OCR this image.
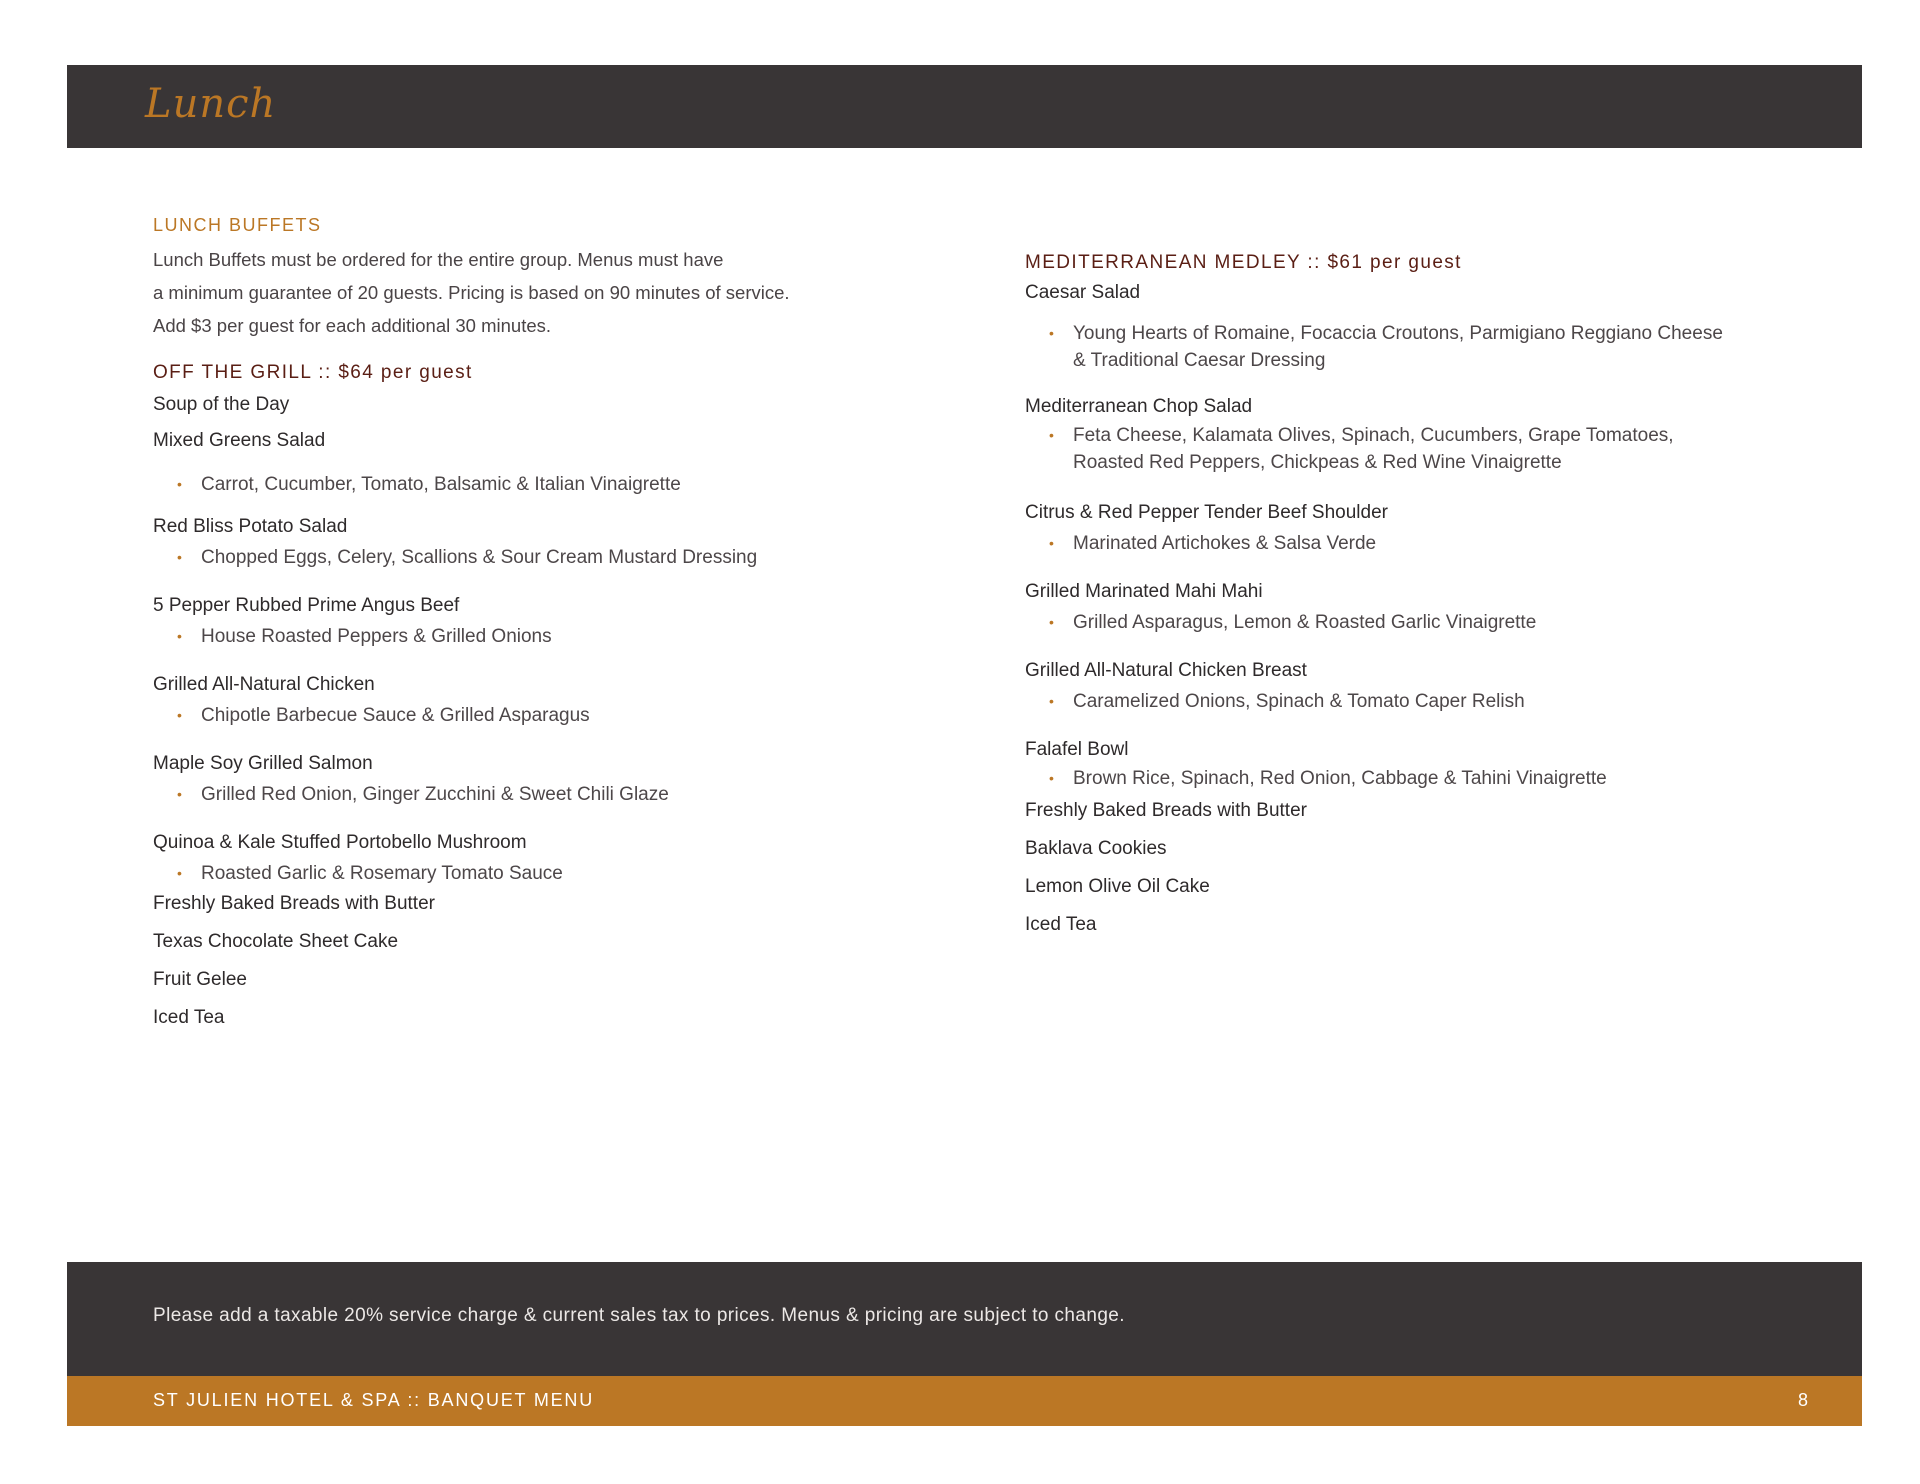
Lunch
LUNCH BUFFETS
Lunch Buffets must be ordered for the entire group. Menus must have
a minimum guarantee of 20 guests. Pricing is based on 90 minutes of service.
Add $3 per guest for each additional 30 minutes.
OFF THE GRILL :: $64 per guest
Soup of the Day
Mixed Greens Salad
• Carrot, Cucumber, Tomato, Balsamic & Italian Vinaigrette
Red Bliss Potato Salad
• Chopped Eggs, Celery, Scallions & Sour Cream Mustard Dressing
5 Pepper Rubbed Prime Angus Beef
• House Roasted Peppers & Grilled Onions
Grilled All-Natural Chicken
• Chipotle Barbecue Sauce & Grilled Asparagus
Maple Soy Grilled Salmon
• Grilled Red Onion, Ginger Zucchini & Sweet Chili Glaze
Quinoa & Kale Stuffed Portobello Mushroom
• Roasted Garlic & Rosemary Tomato Sauce
Freshly Baked Breads with Butter
Texas Chocolate Sheet Cake
Fruit Gelee
Iced Tea
MEDITERRANEAN MEDLEY :: $61 per guest
Caesar Salad
• Young Hearts of Romaine, Focaccia Croutons, Parmigiano Reggiano Cheese
& Traditional Caesar Dressing
Mediterranean Chop Salad
• Feta Cheese, Kalamata Olives, Spinach, Cucumbers, Grape Tomatoes,
Roasted Red Peppers, Chickpeas & Red Wine Vinaigrette
Citrus & Red Pepper Tender Beef Shoulder
• Marinated Artichokes & Salsa Verde
Grilled Marinated Mahi Mahi
• Grilled Asparagus, Lemon & Roasted Garlic Vinaigrette
Grilled All-Natural Chicken Breast
• Caramelized Onions, Spinach & Tomato Caper Relish
Falafel Bowl
• Brown Rice, Spinach, Red Onion, Cabbage & Tahini Vinaigrette
Freshly Baked Breads with Butter
Baklava Cookies
Lemon Olive Oil Cake
Iced Tea
Please add a taxable 20% service charge & current sales tax to prices. Menus & pricing are subject to change.
ST JULIEN HOTEL & SPA :: BANQUET MENU	8
